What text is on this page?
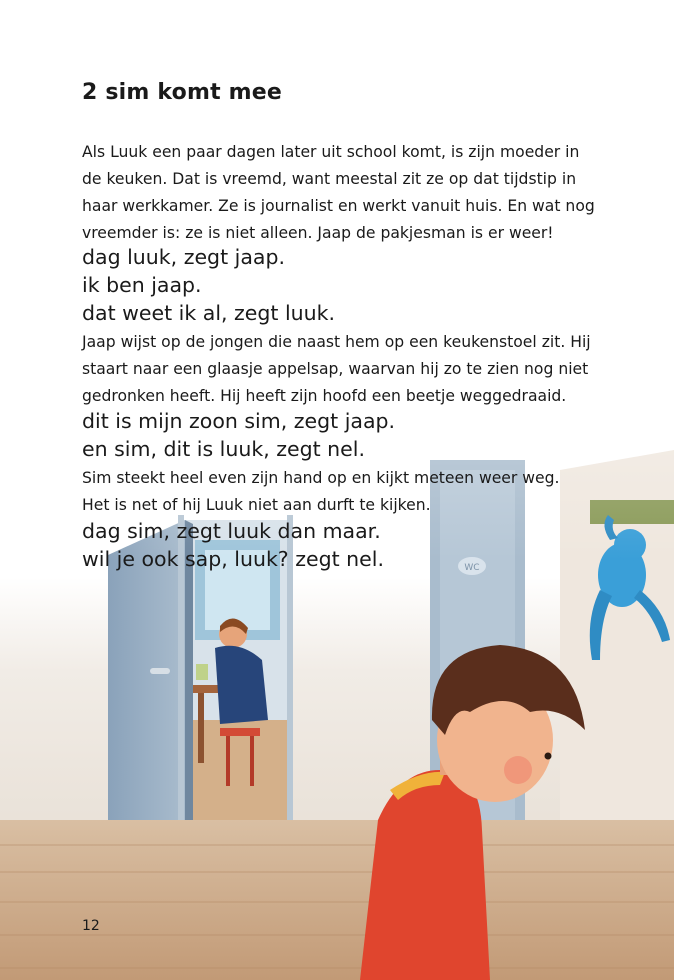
WC
2 sim komt mee

Als Luuk een paar dagen later uit school komt, is zijn moeder in

de keuken. Dat is vreemd, want meestal zit ze op dat tijdstip in

haar werkkamer. Ze is journalist en werkt vanuit huis. En wat nog

vreemder is: ze is niet alleen. Jaap de pakjesman is er weer!

dag luuk, zegt jaap.

ik ben jaap.

dat weet ik al, zegt luuk.

Jaap wijst op de jongen die naast hem op een keukenstoel zit. Hij

staart naar een glaasje appelsap, waarvan hij zo te zien nog niet

gedronken heeft. Hij heeft zijn hoofd een beetje weggedraaid.

dit is mijn zoon sim, zegt jaap.

en sim, dit is luuk, zegt nel.

Sim steekt heel even zijn hand op en kijkt meteen weer weg.

Het is net of hij Luuk niet aan durft te kijken.

dag sim, zegt luuk dan maar.

wil je ook sap, luuk? zegt nel.

12
